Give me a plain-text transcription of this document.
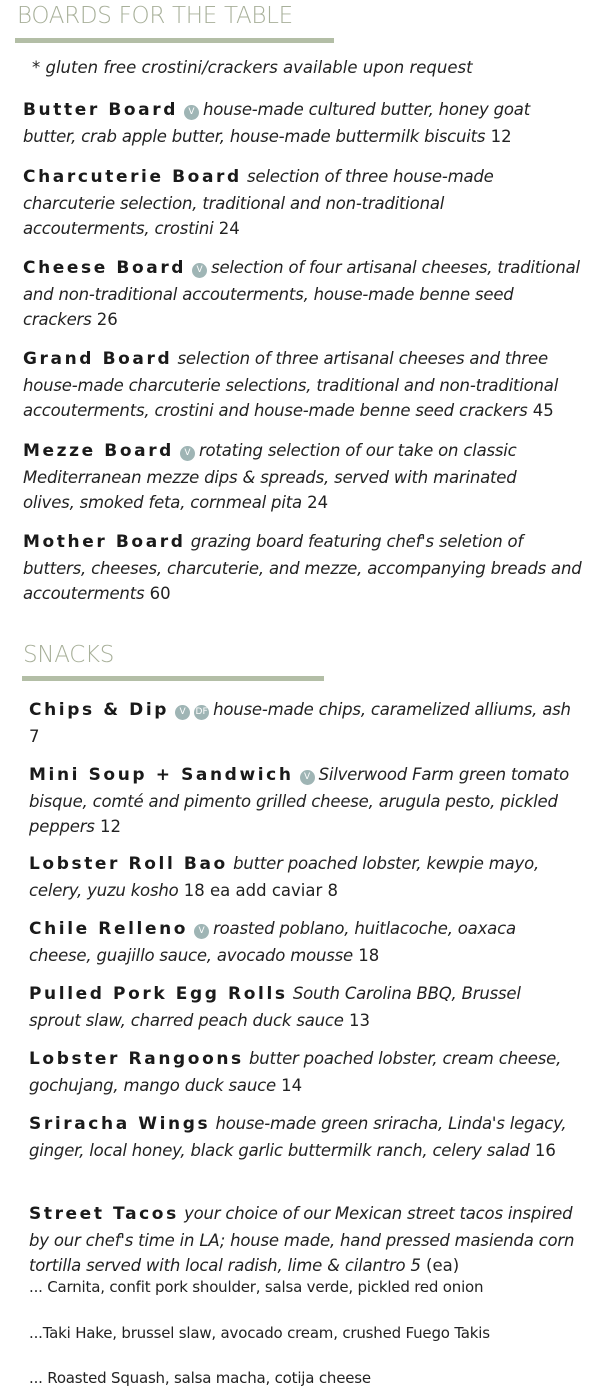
BOARDS FOR THE TABLE
* gluten free crostini/crackers available upon request
Butter Board V house-made cultured butter, honey goat butter, crab apple butter, house-made buttermilk biscuits 12
Charcuterie Board selection of three house-made charcuterie selection, traditional and non-traditional accouterments, crostini 24
Cheese Board V selection of four artisanal cheeses, traditional and non-traditional accouterments, house-made benne seed crackers 26
Grand Board selection of three artisanal cheeses and three house-made charcuterie selections, traditional and non-traditional accouterments, crostini and house-made benne seed crackers 45
Mezze Board V rotating selection of our take on classic Mediterranean mezze dips & spreads, served with marinated olives, smoked feta, cornmeal pita 24
Mother Board grazing board featuring chef's seletion of butters, cheeses, charcuterie, and mezze, accompanying breads and accouterments 60
SNACKS
Chips & Dip V DF house-made chips, caramelized alliums, ash 7
Mini Soup + Sandwich V Silverwood Farm green tomato bisque, comté and pimento grilled cheese, arugula pesto, pickled peppers 12
Lobster Roll Bao butter poached lobster, kewpie mayo, celery, yuzu kosho 18 ea add caviar 8
Chile Relleno V roasted poblano, huitlacoche, oaxaca cheese, guajillo sauce, avocado mousse 18
Pulled Pork Egg Rolls South Carolina BBQ, Brussel sprout slaw, charred peach duck sauce 13
Lobster Rangoons butter poached lobster, cream cheese, gochujang, mango duck sauce 14
Sriracha Wings house-made green sriracha, Linda's legacy, ginger, local honey, black garlic buttermilk ranch, celery salad 16
Street Tacos your choice of our Mexican street tacos inspired by our chef's time in LA; house made, hand pressed masienda corn tortilla served with local radish, lime & cilantro 5 (ea)
... Carnita, confit pork shoulder, salsa verde, pickled red onion
...Taki Hake, brussel slaw, avocado cream, crushed Fuego Takis
... Roasted Squash, salsa macha, cotija cheese
